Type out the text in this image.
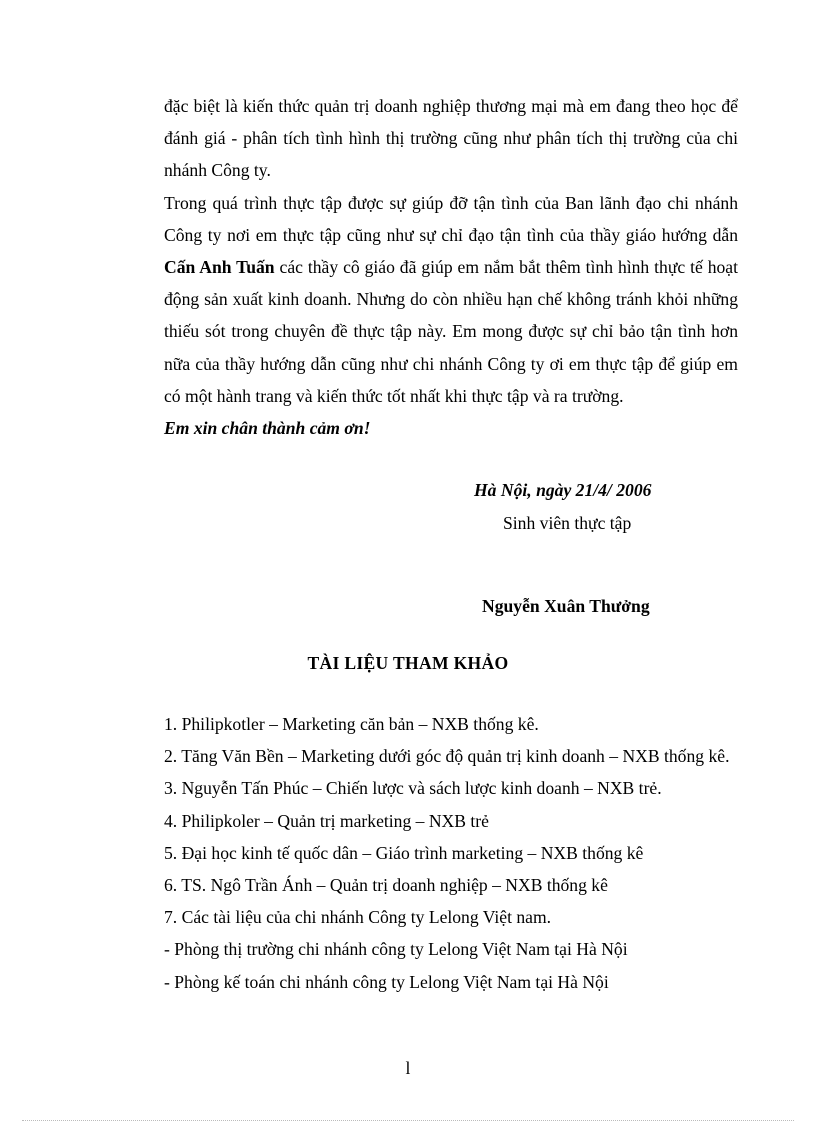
đặc biệt là kiến thức quản trị doanh nghiệp thương mại mà em đang theo học để đánh giá - phân tích tình hình thị trường cũng như phân tích thị trường của chi nhánh Công ty.

Trong quá trình thực tập được sự giúp đỡ tận tình của Ban lãnh đạo chi nhánh Công ty nơi em thực tập cũng như sự chỉ đạo tận tình của thầy giáo hướng dẫn Cấn Anh Tuấn các thầy cô giáo đã giúp em nắm bắt thêm tình hình thực tế hoạt động sản xuất kinh doanh. Nhưng do còn nhiều hạn chế không tránh khỏi những thiếu sót trong chuyên đề thực tập này. Em mong được sự chỉ bảo tận tình hơn nữa của thầy hướng dẫn cũng như chi nhánh Công ty ơi em thực tập để giúp em có một hành trang và kiến thức tốt nhất khi thực tập và ra trường.

Em xin chân thành cảm ơn!

Hà Nội, ngày 21/4/ 2006
Sinh viên thực tập
Nguyễn Xuân Thưởng
TÀI LIỆU THAM KHẢO

1. Philipkotler – Marketing căn bản – NXB thống kê.

2. Tăng Văn Bền – Marketing dưới góc độ quản trị kinh doanh – NXB thống kê.

3. Nguyễn Tấn Phúc – Chiến lược và sách lược kinh doanh – NXB trẻ.

4. Philipkoler – Quản trị marketing – NXB trẻ

5. Đại học kinh tế quốc dân – Giáo trình marketing – NXB thống kê

6. TS. Ngô Trần Ánh – Quản trị doanh nghiệp – NXB thống kê

7. Các tài liệu của chi nhánh Công ty Lelong Việt nam.

- Phòng thị trường chi nhánh công ty Lelong Việt Nam tại Hà Nội

- Phòng kế toán chi nhánh công ty Lelong Việt Nam tại Hà Nội

l
